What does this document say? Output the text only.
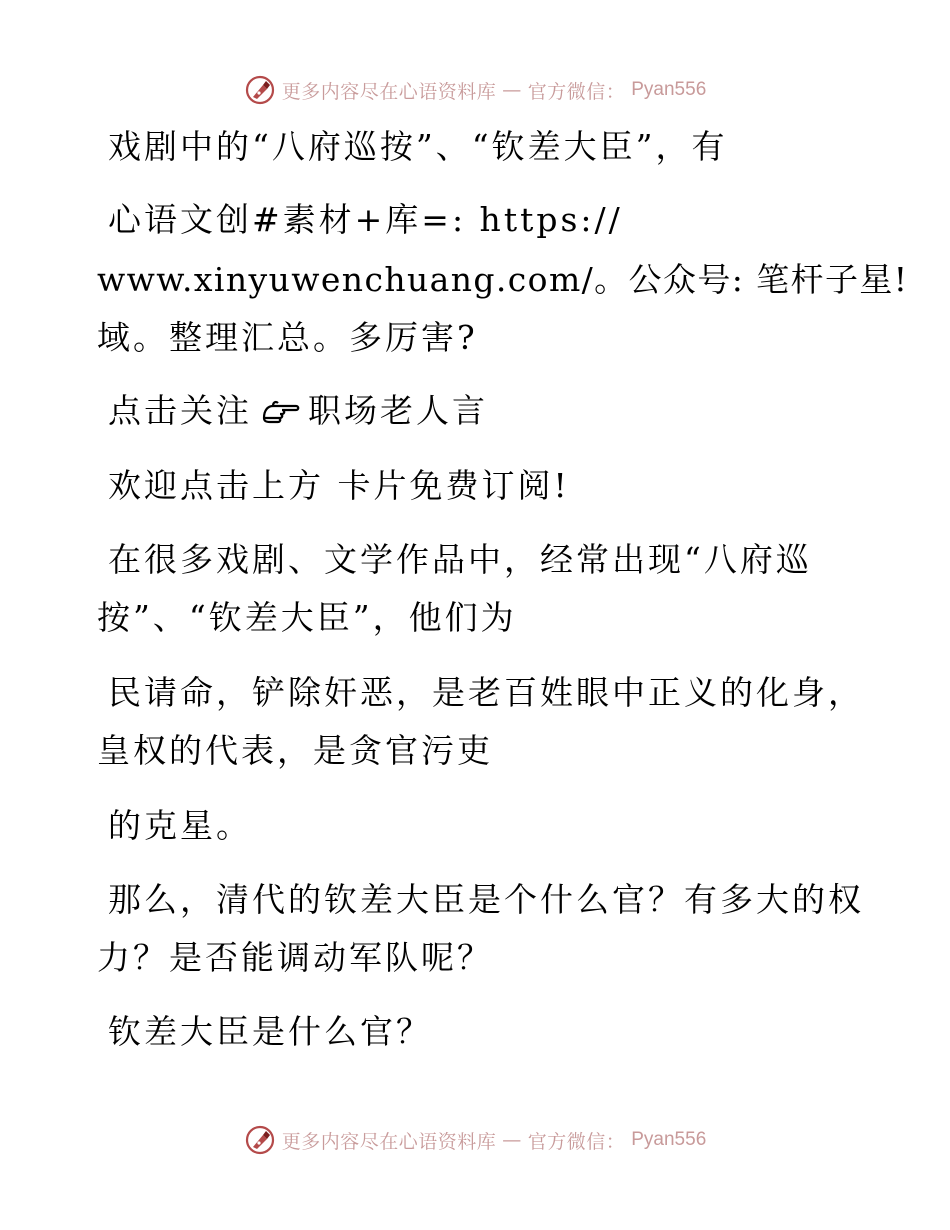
更多内容尽在心语资料库 — 官方微信： Pyan556
戏剧中的“八府巡按”、“钦差大臣”，有
心语文创#素材+库=: https://
www.xinyuwenchuang.com/。公众号: 笔杆子星!
域。整理汇总。多厉害?
点击关注 职场老人言
欢迎点击上方 卡片免费订阅!
在很多戏剧、文学作品中，经常出现“八府巡
按”、“钦差大臣”，他们为
民请命，铲除奸恶，是老百姓眼中正义的化身，
皇权的代表，是贪官污吏
的克星。
那么，清代的钦差大臣是个什么官？有多大的权
力？是否能调动军队呢？
钦差大臣是什么官？
更多内容尽在心语资料库 — 官方微信： Pyan556
